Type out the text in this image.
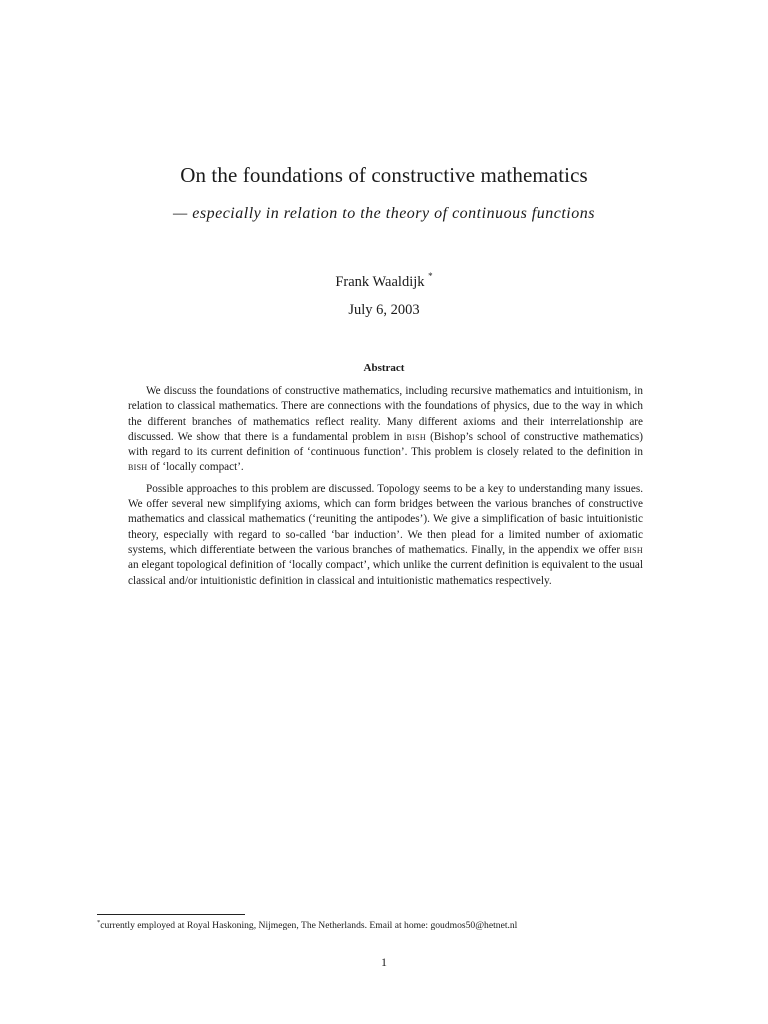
On the foundations of constructive mathematics
— especially in relation to the theory of continuous functions
Frank Waaldijk *
July 6, 2003
Abstract

We discuss the foundations of constructive mathematics, including recursive mathematics and intuitionism, in relation to classical mathematics. There are connections with the foundations of physics, due to the way in which the different branches of mathematics reflect reality. Many different axioms and their interrelationship are discussed. We show that there is a fundamental problem in bish (Bishop’s school of constructive mathematics) with regard to its current definition of ‘continuous function’. This problem is closely related to the definition in bish of ‘locally compact’.

Possible approaches to this problem are discussed. Topology seems to be a key to understanding many issues. We offer several new simplifying axioms, which can form bridges between the various branches of constructive mathematics and classical mathematics (‘reuniting the antipodes’). We give a simplification of basic intuitionistic theory, especially with regard to so-called ‘bar induction’. We then plead for a limited number of axiomatic systems, which differentiate between the various branches of mathematics. Finally, in the appendix we offer bish an elegant topological definition of ‘locally compact’, which unlike the current definition is equivalent to the usual classical and/or intuitionistic definition in classical and intuitionistic mathematics respectively.

*currently employed at Royal Haskoning, Nijmegen, The Netherlands. Email at home: goudmos50@hetnet.nl
1
